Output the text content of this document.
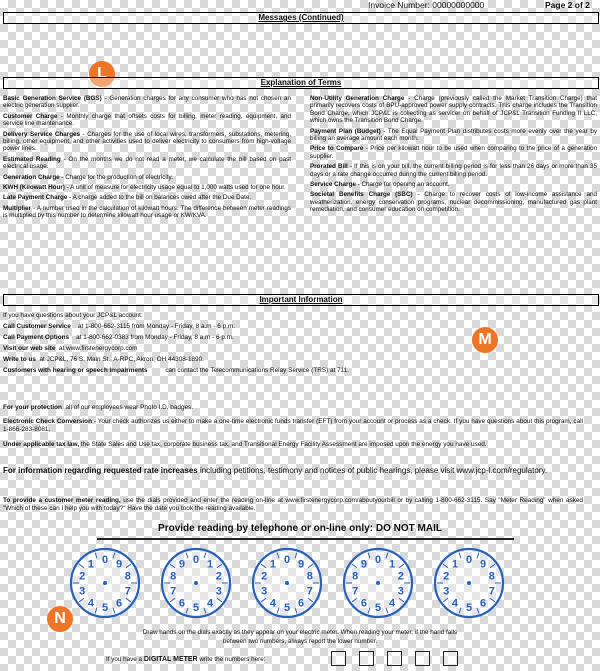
Invoice Number: 00000000000	Page 2 of 2
Messages (Continued)
L
Explanation of Terms
Basic Generation Service (BGS) - Generation charges for any consumer who has not chosen an electric generation supplier.
Customer Charge - Monthly charge that offsets costs for billing, meter reading, equipment, and service line maintenance.
Delivery Service Charges - Charges for the use of local wires, transformers, substations, metering, billing, other equipment, and other activities used to deliver electricity to consumers from high-voltage power lines.
Estimated Reading - On the months we do not read a meter, we calculate the bill based on past electrical usage.
Generation Charge - Charge for the production of electricity.
KWH (Kilowatt Hour) - A unit of measure for electricity usage equal to 1,000 watts used for one hour.
Late Payment Charge - A charge added to the bill on balances owed after the Due Date.
Multiplier - A number used in the calculation of kilowatt hours. The difference between meter readings is multiplied by this number to determine kilowatt hour usage or KW/KVA.
Non-Utility Generation Charge - Charge (previously called the Market Transition Charge) that primarily recovers costs of BPU-approved power supply contracts. This charge includes the Transition Bond Charge, which JCP&L is collecting as servicer on behalf of JCP&L Transition Funding II LLC, which owns the Transition Bond Charge.
Payment Plan (Budget) - The Equal Payment Plan distributes costs more evenly over the year by billing an average amount each month.
Price to Compare - Price per kilowatt hour to be used when comparing to the price of a generation supplier.
Prorated Bill - If this is on your bill, the current billing period is for less than 26 days or more than 35 days or a rate change occurred during the current billing period.
Service Charge - Charge for opening an account.
Societal Benefits Charge (SBC) - Charge to recover costs of low-income assistance and weatherization, energy conservation programs, nuclear decommissioning, manufactured gas plant remediation, and consumer education on competition.
Important Information
If you have questions about your JCP&L account:
Call Customer Service at 1-800-662-3115 from Monday - Friday, 8 a.m - 6 p.m.
Call Payment Options at 1-800-662-0383 from Monday - Friday, 8 a.m - 6 p.m.
Visit our web site at www.firstenergycorp.com
Write to us at JCP&L, 76 S. Main St., A-RPC, Akron, OH 44308-1890.
Customers with hearing or speech impairments	can contact the Telecommunications Relay Service (TRS) at 711.
M
For your protection, all of our employees wear Photo I.D. badges.
Electronic Check Conversion - Your check authorizes us either to make a one-time electronic funds transfer (EFT) from your account or process as a check. If you have questions about this program, call 1-866-283-8081.
Under applicable tax law, the State Sales and Use tax, corporate business tax, and Transitional Energy Facility Assessment are imposed upon the energy you have used.
For information regarding requested rate increases including petitions, testimony and notices of public hearings, please visit www.jcp-l.com/regulatory.
To provide a customer meter reading, use the dials provided and enter the reading on-line at www.firstenergycorp.com/aboutyourbill or by calling 1-800-662-3115. Say "Meter Reading" when asked "Which of these can I help you with today?" Have the date you took the reading available.
Provide reading by telephone or on-line only: DO NOT MAIL
0
1
2
3
4 5 6
7
8
9	0 1
2
3
4
5
6
7
8
9	0
1
2
3
4 5 6
7
8
9	0 1
2
3
4
5
6
7
8
9	0
1
2
3
4 5 6
7
8
9
N
Draw hands on the dials exactly as they appear on your electric meter. When reading your meter, if the hand falls
between two numbers, always report the lower number.
If you have a DIGITAL METER write the numbers here:
